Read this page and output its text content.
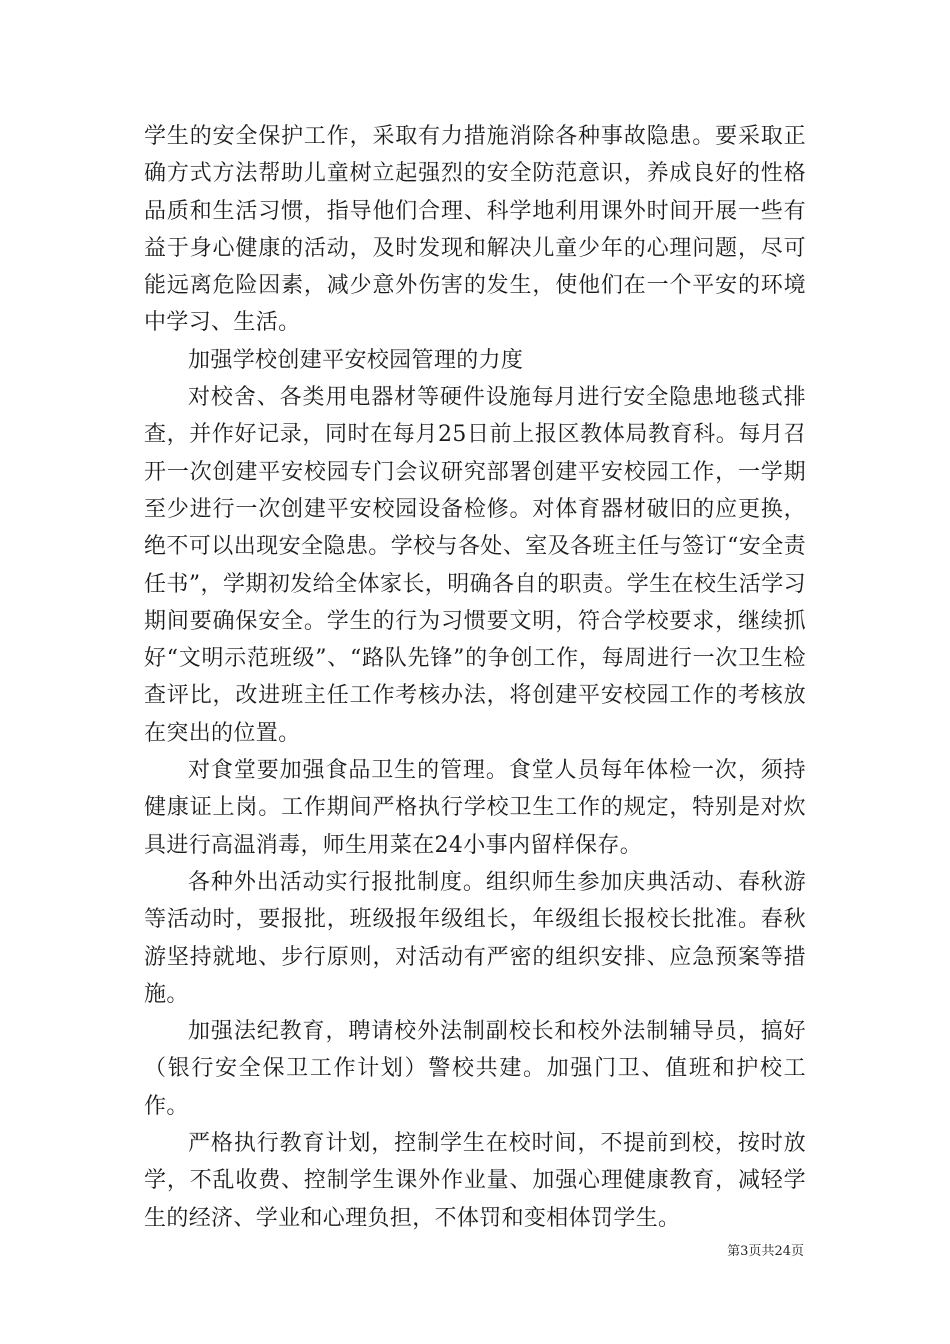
学生的安全保护工作，采取有力措施消除各种事故隐患。要采取正确方式方法帮助儿童树立起强烈的安全防范意识，养成良好的性格品质和生活习惯，指导他们合理、科学地利用课外时间开展一些有益于身心健康的活动，及时发现和解决儿童少年的心理问题，尽可能远离危险因素，减少意外伤害的发生，使他们在一个平安的环境中学习、生活。

加强学校创建平安校园管理的力度

对校舍、各类用电器材等硬件设施每月进行安全隐患地毯式排查，并作好记录，同时在每月25日前上报区教体局教育科。每月召开一次创建平安校园专门会议研究部署创建平安校园工作，一学期至少进行一次创建平安校园设备检修。对体育器材破旧的应更换，绝不可以出现安全隐患。学校与各处、室及各班主任与签订“安全责任书”，学期初发给全体家长，明确各自的职责。学生在校生活学习期间要确保安全。学生的行为习惯要文明，符合学校要求，继续抓好“文明示范班级”、“路队先锋”的争创工作，每周进行一次卫生检查评比，改进班主任工作考核办法，将创建平安校园工作的考核放在突出的位置。

对食堂要加强食品卫生的管理。食堂人员每年体检一次，须持健康证上岗。工作期间严格执行学校卫生工作的规定，特别是对炊具进行高温消毒，师生用菜在24小事内留样保存。

各种外出活动实行报批制度。组织师生参加庆典活动、春秋游等活动时，要报批，班级报年级组长，年级组长报校长批准。春秋游坚持就地、步行原则，对活动有严密的组织安排、应急预案等措施。

加强法纪教育，聘请校外法制副校长和校外法制辅导员，搞好（银行安全保卫工作计划）警校共建。加强门卫、值班和护校工作。

严格执行教育计划，控制学生在校时间，不提前到校，按时放学，不乱收费、控制学生课外作业量、加强心理健康教育，减轻学生的经济、学业和心理负担，不体罚和变相体罚学生。

第3页共24页
